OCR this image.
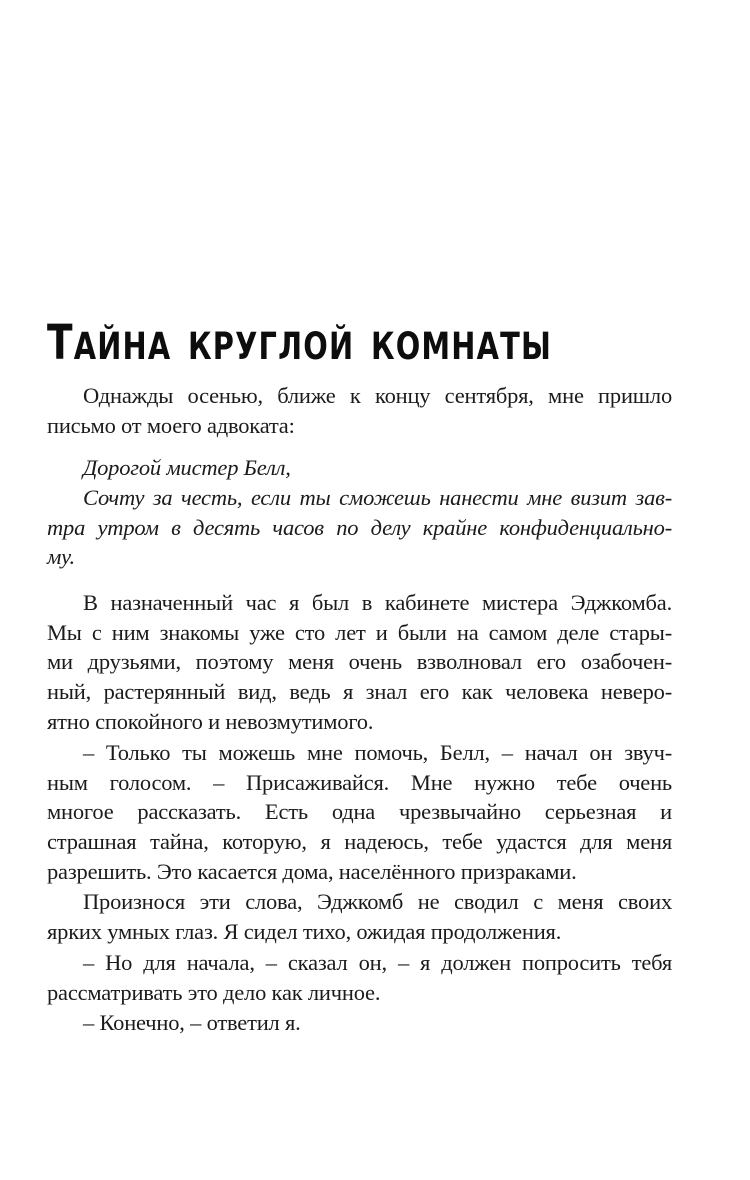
ТАЙНА КРУГЛОЙ КОМНАТЫ
Однажды осенью, ближе к концу сентября, мне пришло
письмо от моего адвоката:
Дорогой мистер Белл,
Сочту за честь, если ты сможешь нанести мне визит зав-
тра утром в десять часов по делу крайне конфиденциально-
му.
В назначенный час я был в кабинете мистера Эджкомба.
Мы с ним знакомы уже сто лет и были на самом деле стары-
ми друзьями, поэтому меня очень взволновал его озабочен-
ный, растерянный вид, ведь я знал его как человека неверо-
ятно спокойного и невозмутимого.
– Только ты можешь мне помочь, Белл, – начал он звуч-
ным голосом. – Присаживайся. Мне нужно тебе очень
многое рассказать. Есть одна чрезвычайно серьезная и
страшная тайна, которую, я надеюсь, тебе удастся для меня
разрешить. Это касается дома, населённого призраками.
Произнося эти слова, Эджкомб не сводил с меня своих
ярких умных глаз. Я сидел тихо, ожидая продолжения.
– Но для начала, – сказал он, – я должен попросить тебя
рассматривать это дело как личное.
– Конечно, – ответил я.
